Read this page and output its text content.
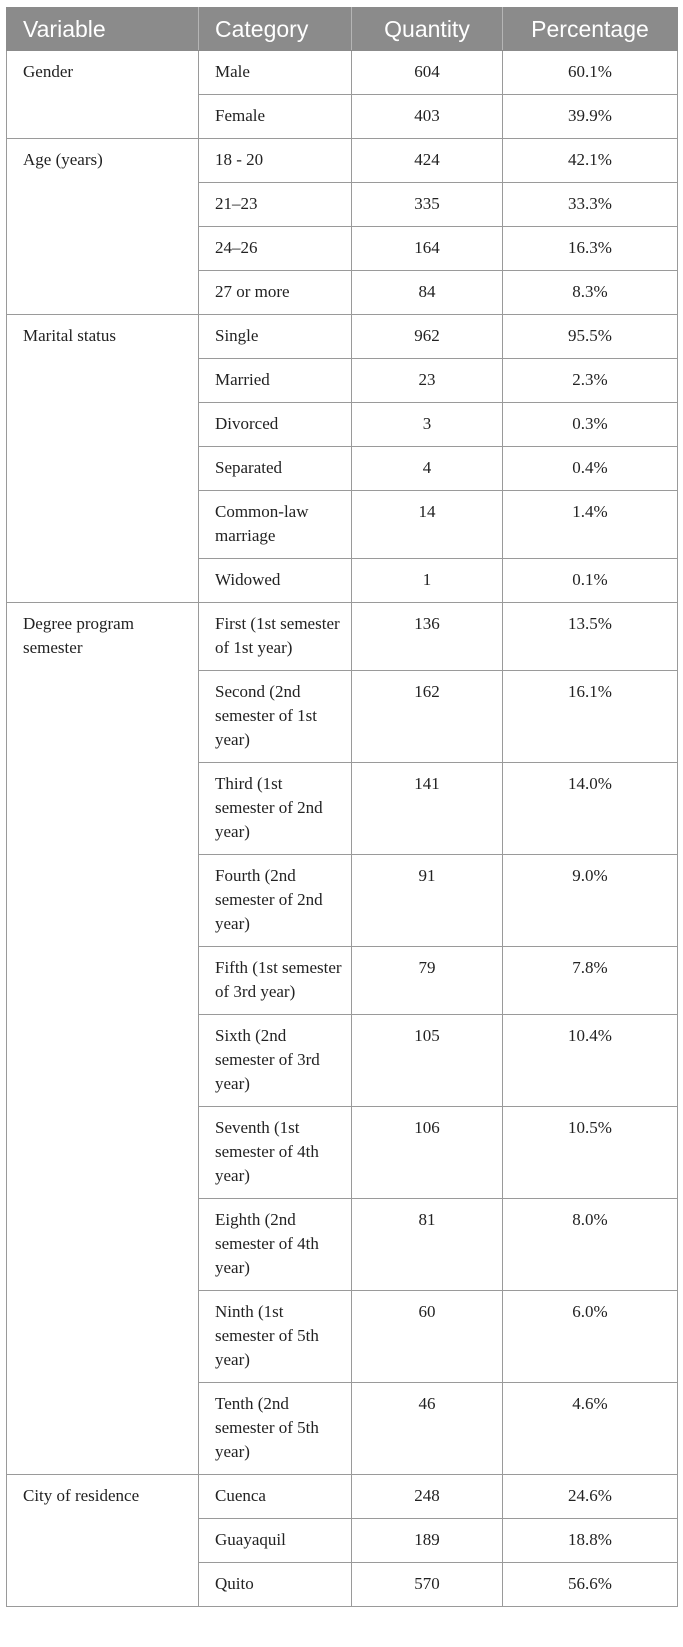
Variable	Category	Quantity	Percentage
Gender	Male	604	60.1%
	Female	403	39.9%
Age (years)	18 - 20	424	42.1%
	21–23	335	33.3%
	24–26	164	16.3%
	27 or more	84	8.3%
Marital status	Single	962	95.5%
	Married	23	2.3%
	Divorced	3	0.3%
	Separated	4	0.4%
	Common-law marriage	14	1.4%
	Widowed	1	0.1%
Degree program semester	First (1st semester of 1st year)	136	13.5%
	Second (2nd semester of 1st year)	162	16.1%
	Third (1st semester of 2nd year)	141	14.0%
	Fourth (2nd semester of 2nd year)	91	9.0%
	Fifth (1st semester of 3rd year)	79	7.8%
	Sixth (2nd semester of 3rd year)	105	10.4%
	Seventh (1st semester of 4th year)	106	10.5%
	Eighth (2nd semester of 4th year)	81	8.0%
	Ninth (1st semester of 5th year)	60	6.0%
	Tenth (2nd semester of 5th year)	46	4.6%
City of residence	Cuenca	248	24.6%
	Guayaquil	189	18.8%
	Quito	570	56.6%
